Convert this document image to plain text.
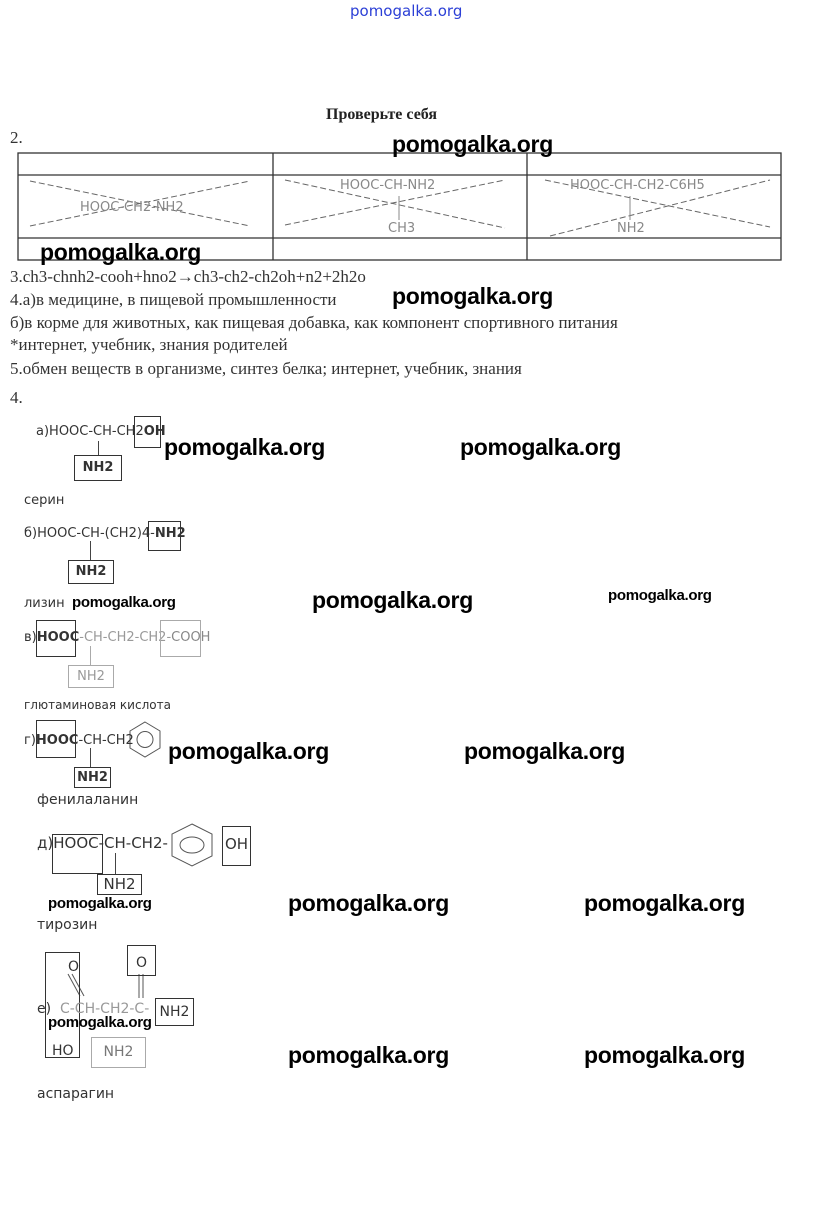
pomogalka.org
Проверьте себя
2.
HOOC-CH2-NH2
HOOC-CH-NH2
CH3
HOOC-CH-CH2-C6H5
NH2
3.ch3-chnh2-cooh+hno2→ch3-ch2-ch2oh+n2+2h2o
4.а)в медицине, в пищевой промышленности
б)в корме для животных, как пищевая добавка, как компонент спортивного питания
*интернет, учебник, знания родителей
5.обмен веществ в организме, синтез белка; интернет, учебник, знания
4.
а)HOOC-CH-CH2OH
NH2
серин
б)HOOC-CH-(CH2)4-NH2
NH2
лизин
в)HOOC-CH-CH2-CH2-COOH
NH2
глютаминовая кислота
г)HOOC-CH-CH2
NH2
фенилаланин
д)HOOC-CH-CH2-	OH
NH2
тирозин
O	O
е) C-CH-CH2-C- NH2
HO	NH2
аспарагин
pomogalka.org
pomogalka.org
pomogalka.org
pomogalka.org	pomogalka.org
pomogalka.org	pomogalka.org	pomogalka.org
pomogalka.org	pomogalka.org
pomogalka.org	pomogalka.org	pomogalka.org
pomogalka.org
pomogalka.org	pomogalka.org
